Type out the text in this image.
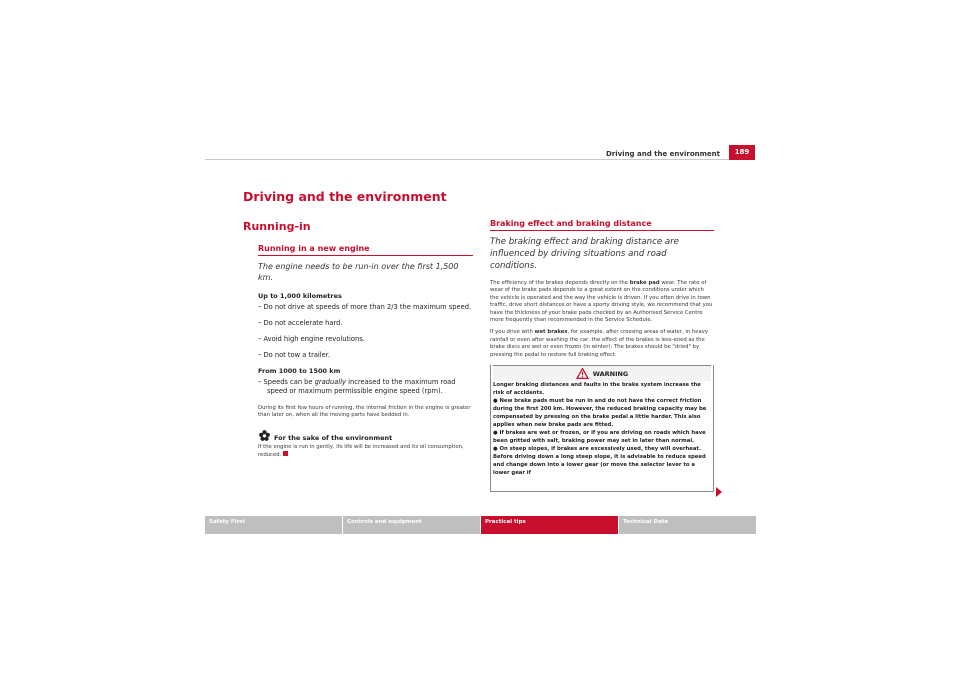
Driving and the environment	189
Driving and the environment
Running-in
Running in a new engine
The engine needs to be run-in over the first 1,500 km.
Up to 1,000 kilometres
– Do not drive at speeds of more than 2/3 the maximum speed.
– Do not accelerate hard.
– Avoid high engine revolutions.
– Do not tow a trailer.
From 1000 to 1500 km
– Speeds can be gradually increased to the maximum road speed or maximum permissible engine speed (rpm).
During its first few hours of running, the internal friction in the engine is greater than later on, when all the moving parts have bedded in.
For the sake of the environment
If the engine is run in gently, its life will be increased and its oil consumption, reduced.
Braking effect and braking distance
The braking effect and braking distance are influenced by driving situations and road conditions.
The efficiency of the brakes depends directly on the brake pad wear. The rate of wear of the brake pads depends to a great extent on the conditions under which the vehicle is operated and the way the vehicle is driven. If you often drive in town traffic, drive short distances or have a sporty driving style, we recommend that you have the thickness of your brake pads checked by an Authorised Service Centre more frequently than recommended in the Service Schedule.
If you drive with wet brakes, for example, after crossing areas of water, in heavy rainfall or even after washing the car, the effect of the brakes is less-ened as the brake discs are wet or even frozen (in winter): The brakes should be "dried" by pressing the pedal to restore full braking effect.
WARNING
Longer braking distances and faults in the brake system increase the risk of accidents.
● New brake pads must be run in and do not have the correct friction during the first 200 km. However, the reduced braking capacity may be compensated by pressing on the brake pedal a little harder. This also applies when new brake pads are fitted.
● If brakes are wet or frozen, or if you are driving on roads which have been gritted with salt, braking power may set in later than normal.
● On steep slopes, if brakes are excessively used, they will overheat. Before driving down a long steep slope, it is advisable to reduce speed and change down into a lower gear (or move the selector lever to a lower gear if
Safety First	Controls and equipment	Practical tips	Technical Data
